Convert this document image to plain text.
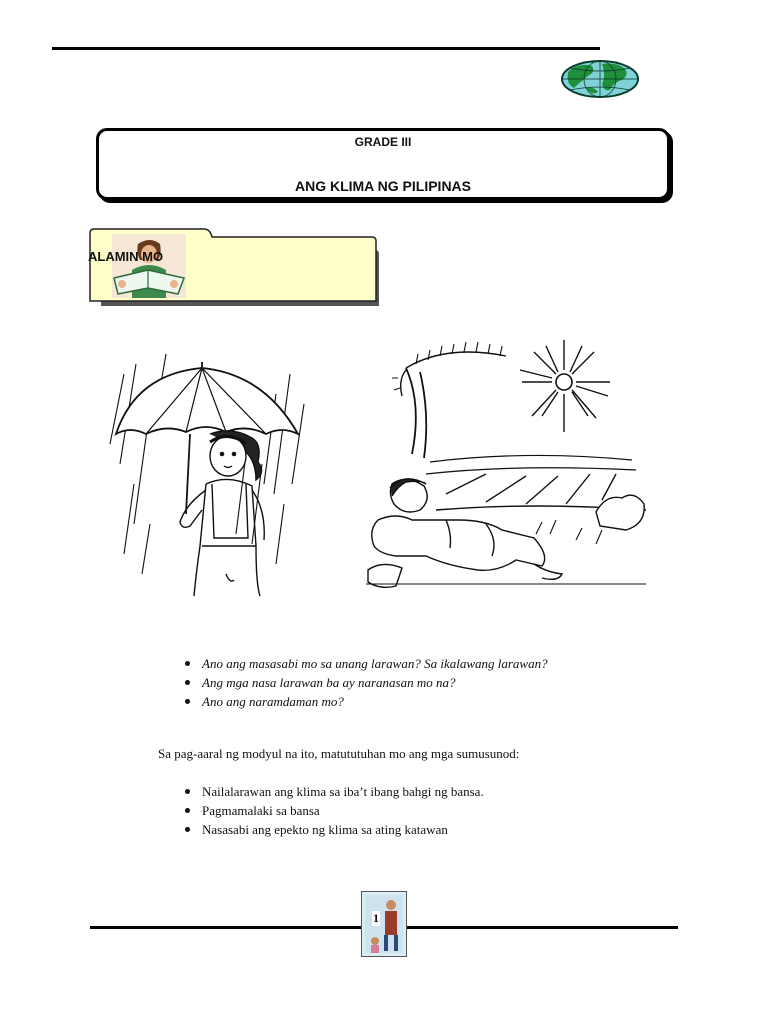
GRADE III
ANG KLIMA NG PILIPINAS
ALAMIN MO
Ano ang masasabi mo sa unang larawan? Sa ikalawang larawan?
Ang mga nasa larawan ba ay naranasan mo na?
Ano ang naramdaman mo?
Sa pag-aaral ng modyul na ito, matututuhan mo ang mga sumusunod:
Nailalarawan ang klima sa iba’t ibang bahgi ng bansa.
Pagmamalaki sa bansa
Nasasabi ang epekto ng klima sa ating katawan
1
